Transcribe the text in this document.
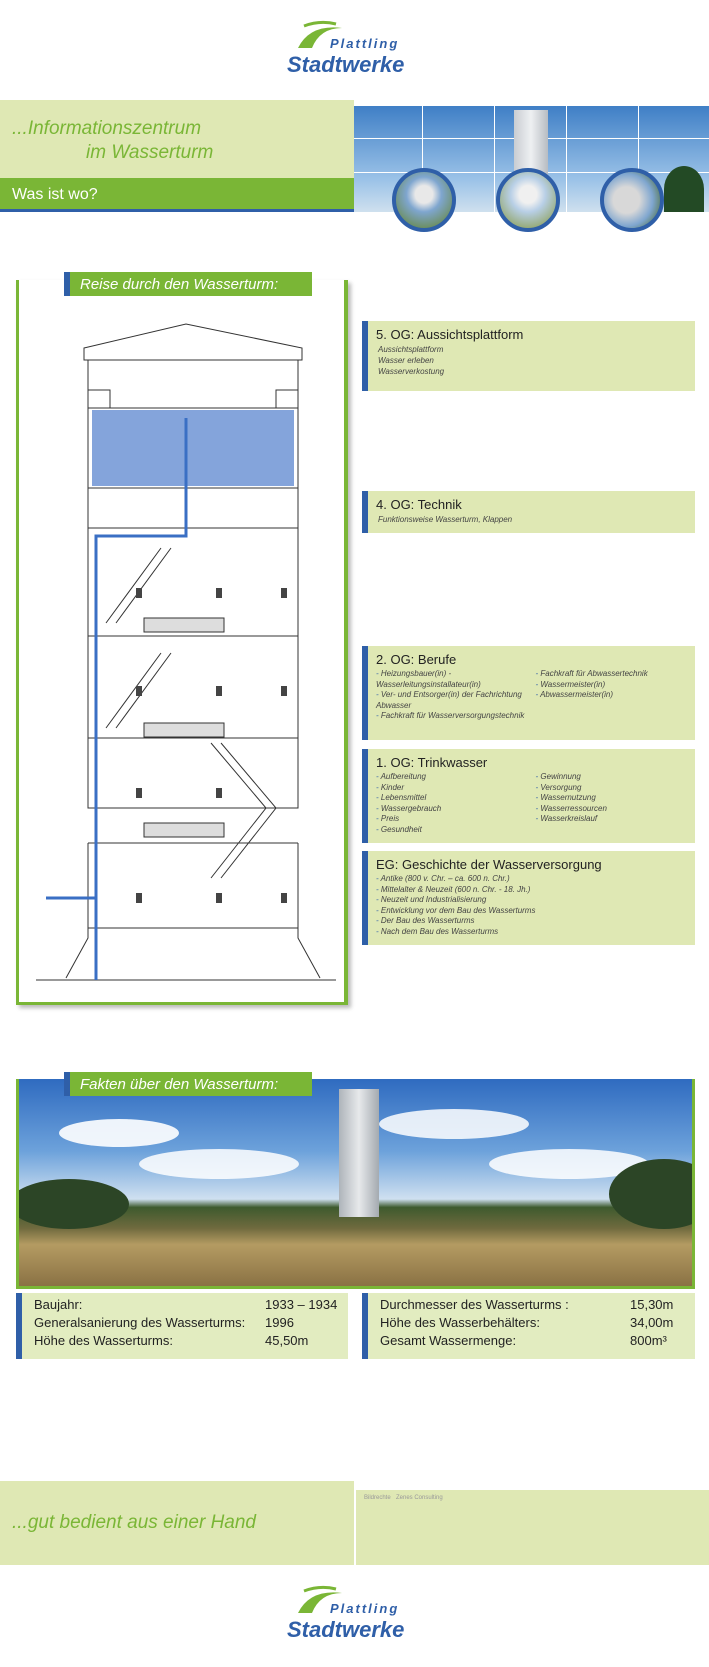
Plattling
Stadtwerke
...Informationszentrum
im Wasserturm
Was ist wo?
Reise durch den Wasserturm:
5. OG: Aussichtsplattform
Aussichtsplattform
Wasser erleben
Wasserverkostung
4. OG: Technik
Funktionsweise Wasserturm, Klappen
2. OG: Berufe
- Heizungsbauer(in) - Wasserleitungsinstallateur(in)
- Ver- und Entsorger(in) der Fachrichtung Abwasser
- Fachkraft für Wasserversorgungstechnik
- Fachkraft für Abwassertechnik
- Wassermeister(in)
- Abwassermeister(in)
1. OG: Trinkwasser
- Aufbereitung
- Kinder
- Lebensmittel
- Wassergebrauch
- Preis
- Gesundheit
- Gewinnung
- Versorgung
- Wassernutzung
- Wasserressourcen
- Wasserkreislauf
EG: Geschichte der Wasserversorgung
- Antike (800 v. Chr. – ca. 600 n. Chr.)
- Mittelalter & Neuzeit (600 n. Chr. - 18. Jh.)
- Neuzeit und Industrialisierung
- Entwicklung vor dem Bau des Wasserturms
- Der Bau des Wasserturms
- Nach dem Bau des Wasserturms
Fakten über den Wasserturm:
Baujahr:	1933 – 1934
Generalsanierung des Wasserturms: 1996
Höhe des Wasserturms:	45,50m
Durchmesser des Wasserturms :	15,30m
Höhe des Wasserbehälters:	34,00m
Gesamt Wassermenge:	800m³
...gut bedient aus einer Hand
Bildrechte Zenes Consulting
Plattling
Stadtwerke
